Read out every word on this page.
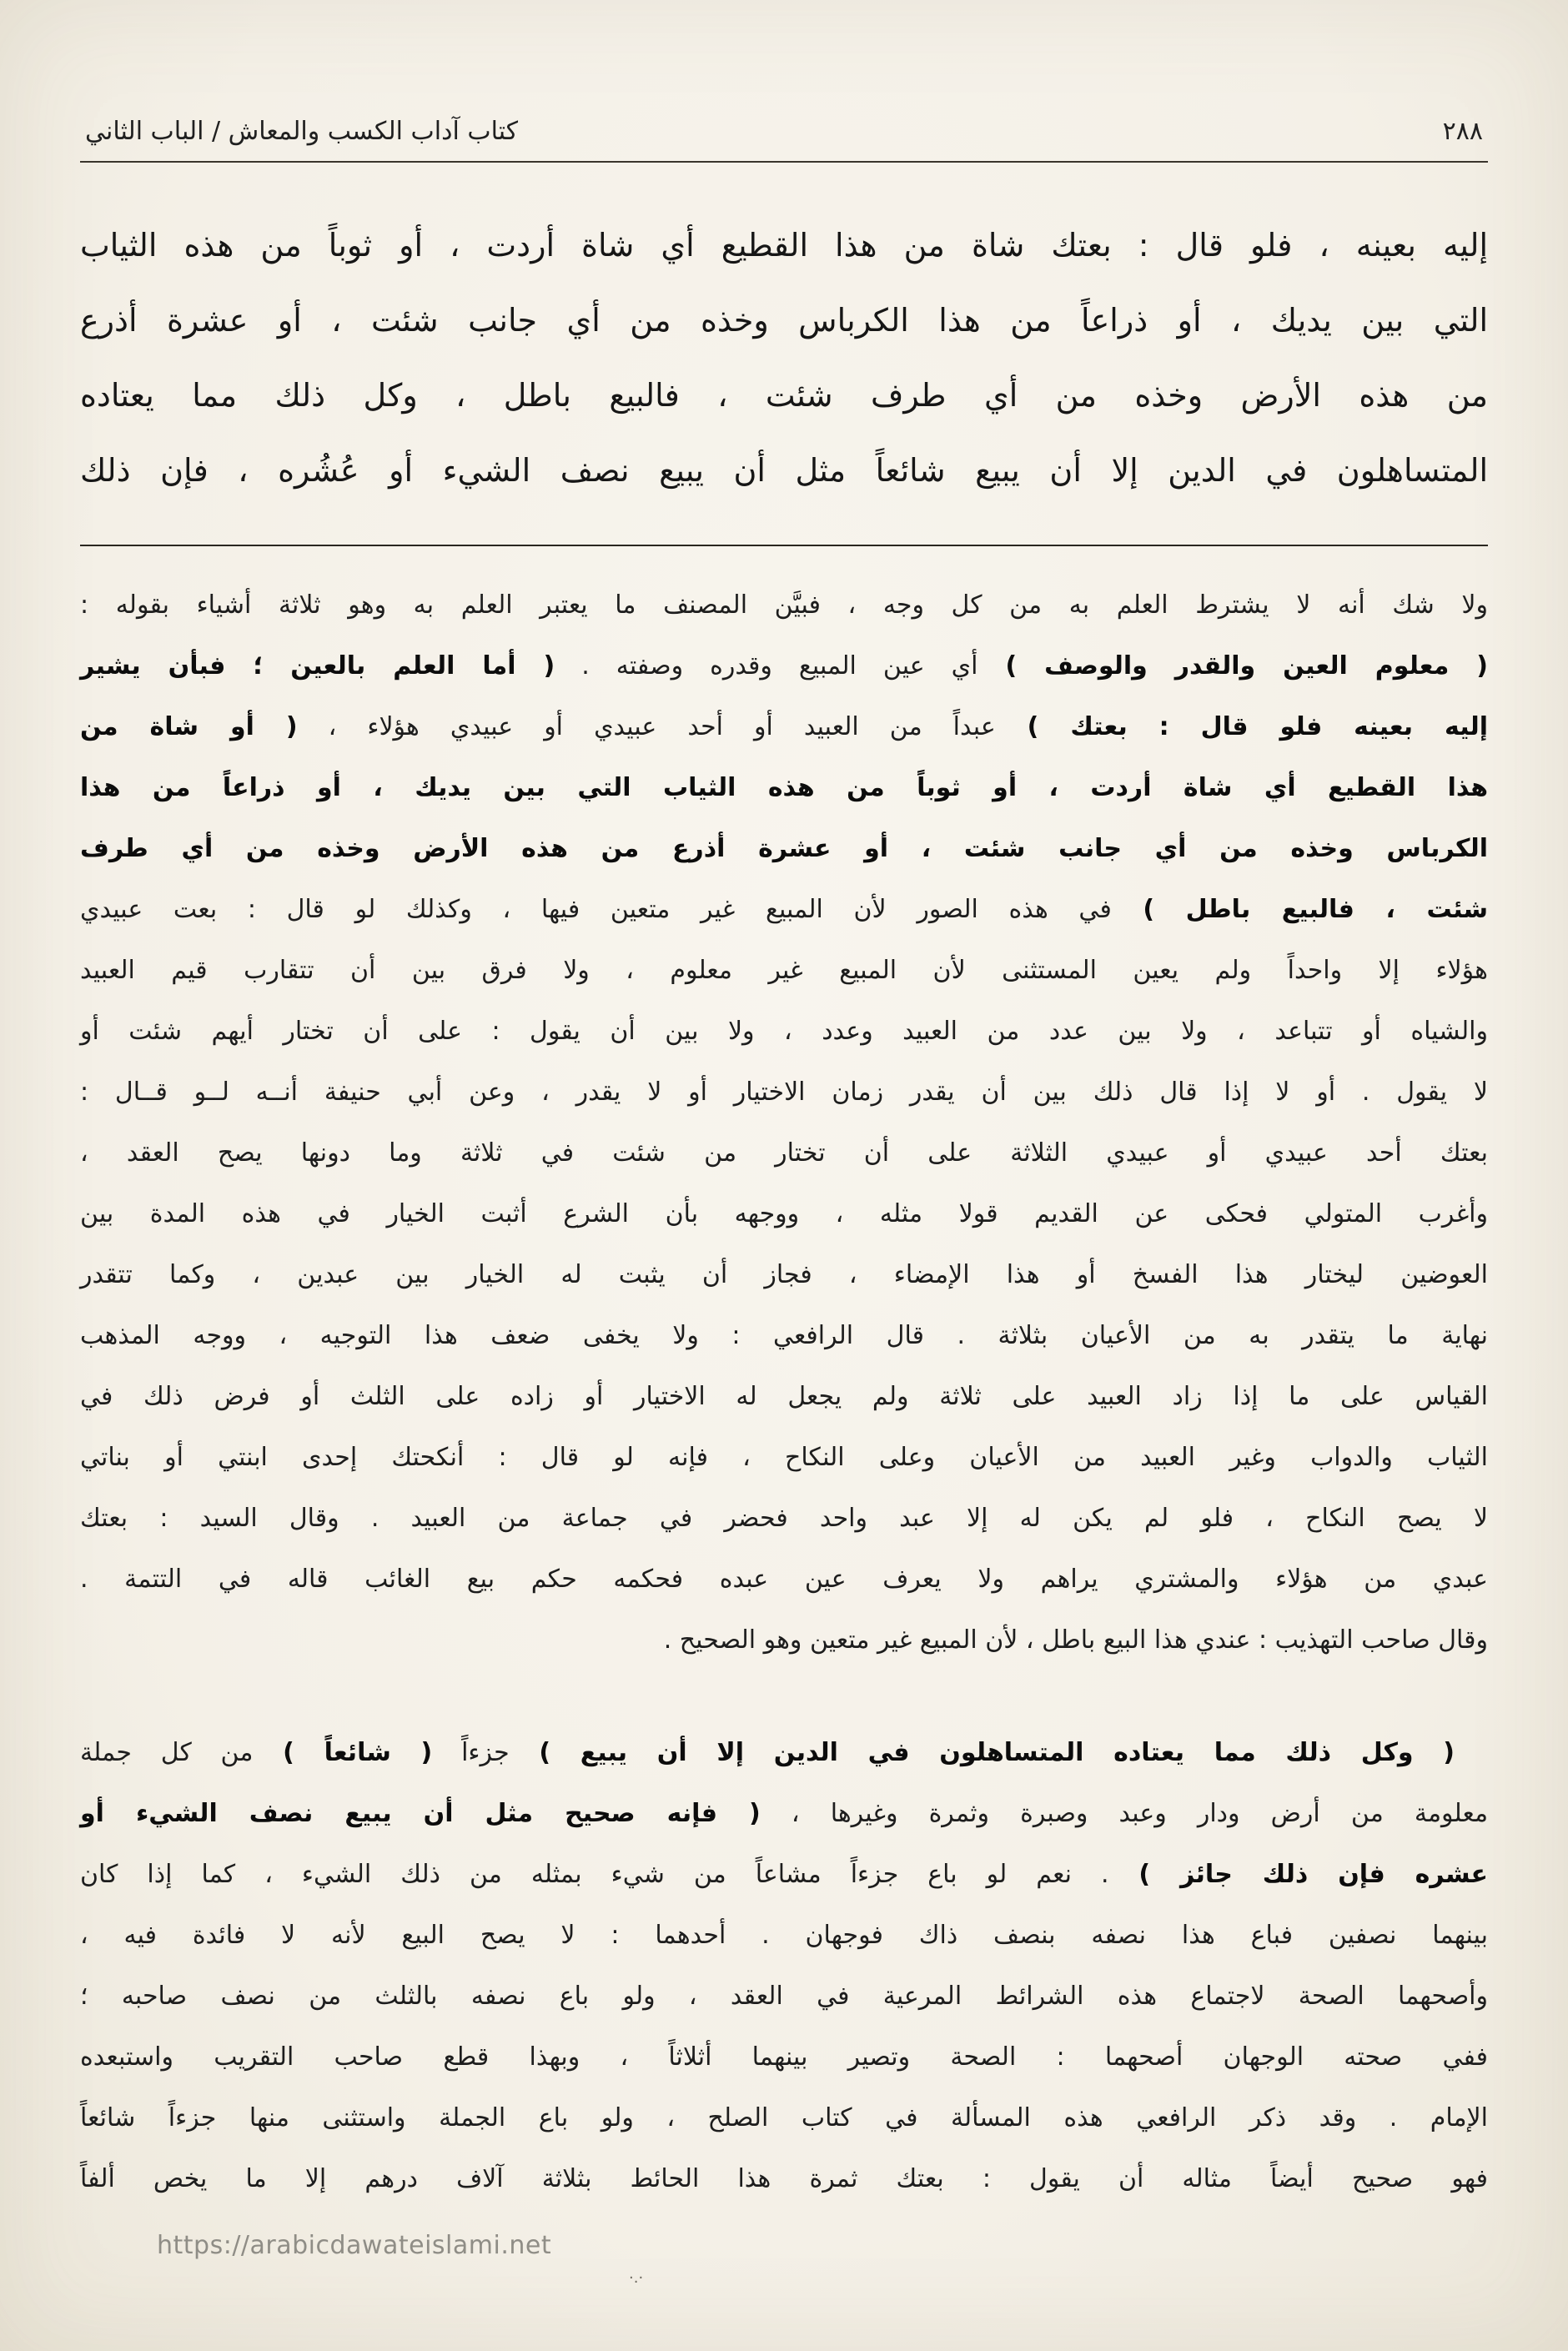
٢٨٨
كتاب آداب الكسب والمعاش / الباب الثاني
إليه بعينه ، فلو قال : بعتك شاة من هذا القطيع أي شاة أردت ، أو ثوباً من هذه الثياب
التي بين يديك ، أو ذراعاً من هذا الكرباس وخذه من أي جانب شئت ، أو عشرة أذرع
من هذه الأرض وخذه من أي طرف شئت ، فالبيع باطل ، وكل ذلك مما يعتاده
المتساهلون في الدين إلا أن يبيع شائعاً مثل أن يبيع نصف الشيء أو عُشُره ، فإن ذلك
ولا شك أنه لا يشترط العلم به من كل وجه ، فبيَّن المصنف ما يعتبر العلم به وهو ثلاثة أشياء بقوله :
( معلوم العين والقدر والوصف ) أي عين المبيع وقدره وصفته . ( أما العلم بالعين ؛ فبأن يشير
إليه بعينه فلو قال : بعتك ) عبداً من العبيد أو أحد عبيدي أو عبيدي هؤلاء ، ( أو شاة من
هذا القطيع أي شاة أردت ، أو ثوباً من هذه الثياب التي بين يديك ، أو ذراعاً من هذا
الكرباس وخذه من أي جانب شئت ، أو عشرة أذرع من هذه الأرض وخذه من أي طرف
شئت ، فالبيع باطل ) في هذه الصور لأن المبيع غير متعين فيها ، وكذلك لو قال : بعت عبيدي
هؤلاء إلا واحداً ولم يعين المستثنى لأن المبيع غير معلوم ، ولا فرق بين أن تتقارب قيم العبيد
والشياه أو تتباعد ، ولا بين عدد من العبيد وعدد ، ولا بين أن يقول : على أن تختار أيهم شئت أو
لا يقول . أو لا إذا قال ذلك بين أن يقدر زمان الاختيار أو لا يقدر ، وعن أبي حنيفة أنــه لــو قــال :
بعتك أحد عبيدي أو عبيدي الثلاثة على أن تختار من شئت في ثلاثة وما دونها يصح العقد ،
وأغرب المتولي فحكى عن القديم قولا مثله ، ووجهه بأن الشرع أثبت الخيار في هذه المدة بين
العوضين ليختار هذا الفسخ أو هذا الإمضاء ، فجاز أن يثبت له الخيار بين عبدين ، وكما تتقدر
نهاية ما يتقدر به من الأعيان بثلاثة . قال الرافعي : ولا يخفى ضعف هذا التوجيه ، ووجه المذهب
القياس على ما إذا زاد العبيد على ثلاثة ولم يجعل له الاختيار أو زاده على الثلث أو فرض ذلك في
الثياب والدواب وغير العبيد من الأعيان وعلى النكاح ، فإنه لو قال : أنكحتك إحدى ابنتي أو بناتي
لا يصح النكاح ، فلو لم يكن له إلا عبد واحد فحضر في جماعة من العبيد . وقال السيد : بعتك
عبدي من هؤلاء والمشتري يراهم ولا يعرف عين عبده فحكمه حكم بيع الغائب قاله في التتمة .
وقال صاحب التهذيب : عندي هذا البيع باطل ، لأن المبيع غير متعين وهو الصحيح .
( وكل ذلك مما يعتاده المتساهلون في الدين إلا أن يبيع ) جزءاً ( شائعاً ) من كل جملة
معلومة من أرض ودار وعبد وصبرة وثمرة وغيرها ، ( فإنه صحيح مثل أن يبيع نصف الشيء أو
عشره فإن ذلك جائز ) . نعم لو باع جزءاً مشاعاً من شيء بمثله من ذلك الشيء ، كما إذا كان
بينهما نصفين فباع هذا نصفه بنصف ذاك فوجهان . أحدهما : لا يصح البيع لأنه لا فائدة فيه ،
وأصحهما الصحة لاجتماع هذه الشرائط المرعية في العقد ، ولو باع نصفه بالثلث من نصف صاحبه ؛
ففي صحته الوجهان أصحهما : الصحة وتصير بينهما أثلاثاً ، وبهذا قطع صاحب التقريب واستبعده
الإمام . وقد ذكر الرافعي هذه المسألة في كتاب الصلح ، ولو باع الجملة واستثنى منها جزءاً شائعاً
فهو صحيح أيضاً مثاله أن يقول : بعتك ثمرة هذا الحائط بثلاثة آلاف درهم إلا ما يخص ألفاً
https://arabicdawateislami.net
·.·
